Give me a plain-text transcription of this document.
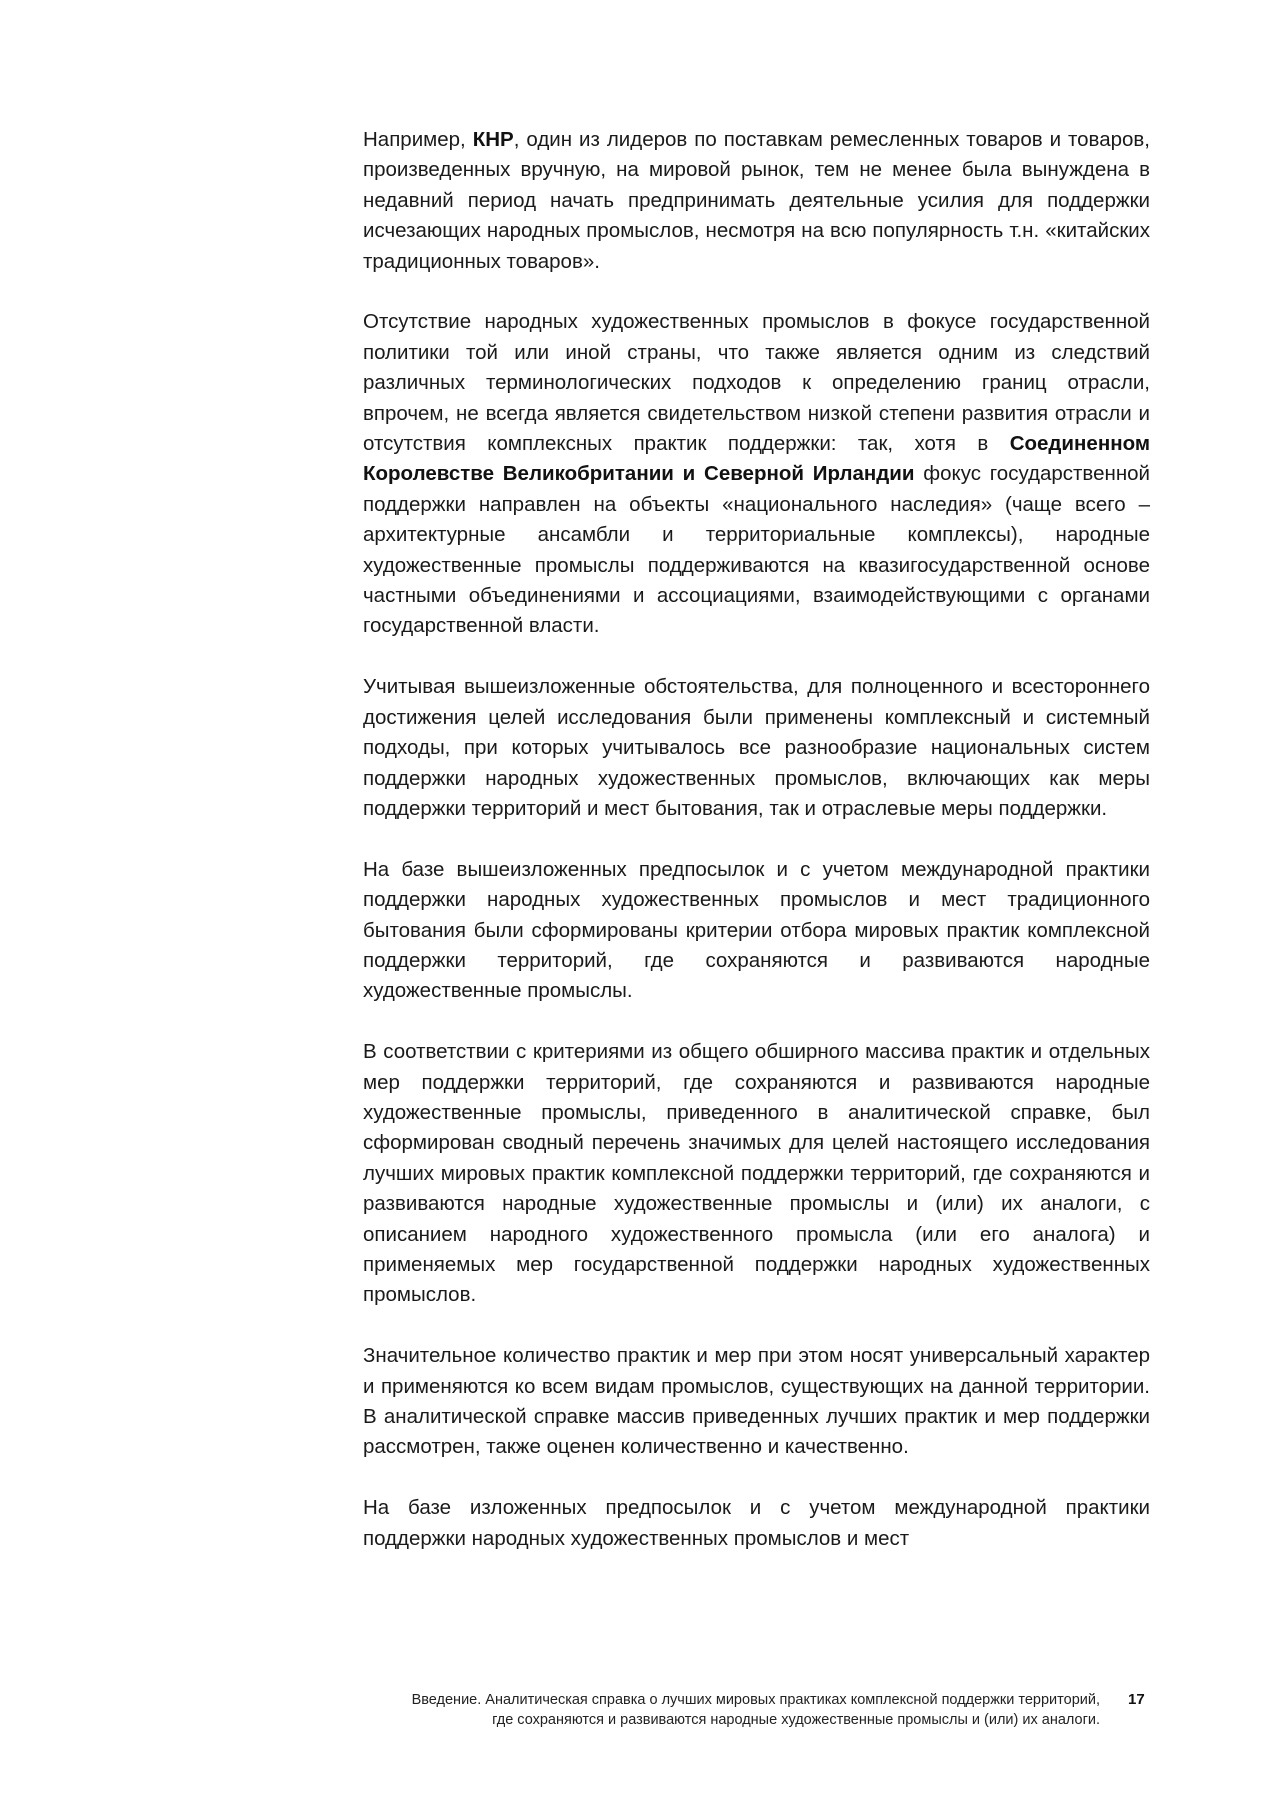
Например, КНР, один из лидеров по поставкам ремесленных товаров и товаров, произведенных вручную, на мировой рынок, тем не менее была вынуждена в недавний период начать предпринимать деятельные усилия для поддержки исчезающих народных промыслов, несмотря на всю популярность т.н. «китайских традиционных товаров».

Отсутствие народных художественных промыслов в фокусе государственной политики той или иной страны, что также является одним из следствий различных терминологических подходов к определению границ отрасли, впрочем, не всегда является свидетельством низкой степени развития отрасли и отсутствия комплексных практик поддержки: так, хотя в Соединенном Королевстве Великобритании и Северной Ирландии фокус государственной поддержки направлен на объекты «национального наследия» (чаще всего – архитектурные ансамбли и территориальные комплексы), народные художественные промыслы поддерживаются на квазигосударственной основе частными объединениями и ассоциациями, взаимодействующими с органами государственной власти.

Учитывая вышеизложенные обстоятельства, для полноценного и всестороннего достижения целей исследования были применены комплексный и системный подходы, при которых учитывалось все разнообразие национальных систем поддержки народных художественных промыслов, включающих как меры поддержки территорий и мест бытования, так и отраслевые меры поддержки.

На базе вышеизложенных предпосылок и с учетом международной практики поддержки народных художественных промыслов и мест традиционного бытования были сформированы критерии отбора мировых практик комплексной поддержки территорий, где сохраняются и развиваются народные художественные промыслы.

В соответствии с критериями из общего обширного массива практик и отдельных мер поддержки территорий, где сохраняются и развиваются народные художественные промыслы, приведенного в аналитической справке, был сформирован сводный перечень значимых для целей настоящего исследования лучших мировых практик комплексной поддержки территорий, где сохраняются и развиваются народные художественные промыслы и (или) их аналоги, с описанием народного художественного промысла (или его аналога) и применяемых мер государственной поддержки народных художественных промыслов.

Значительное количество практик и мер при этом носят универсальный характер и применяются ко всем видам промыслов, существующих на данной территории. В аналитической справке массив приведенных лучших практик и мер поддержки рассмотрен, также оценен количественно и качественно.

На базе изложенных предпосылок и с учетом международной практики поддержки народных художественных промыслов и мест

Введение. Аналитическая справка о лучших мировых практиках комплексной поддержки территорий,
где сохраняются и развиваются народные художественные промыслы и (или) их аналоги.
17
